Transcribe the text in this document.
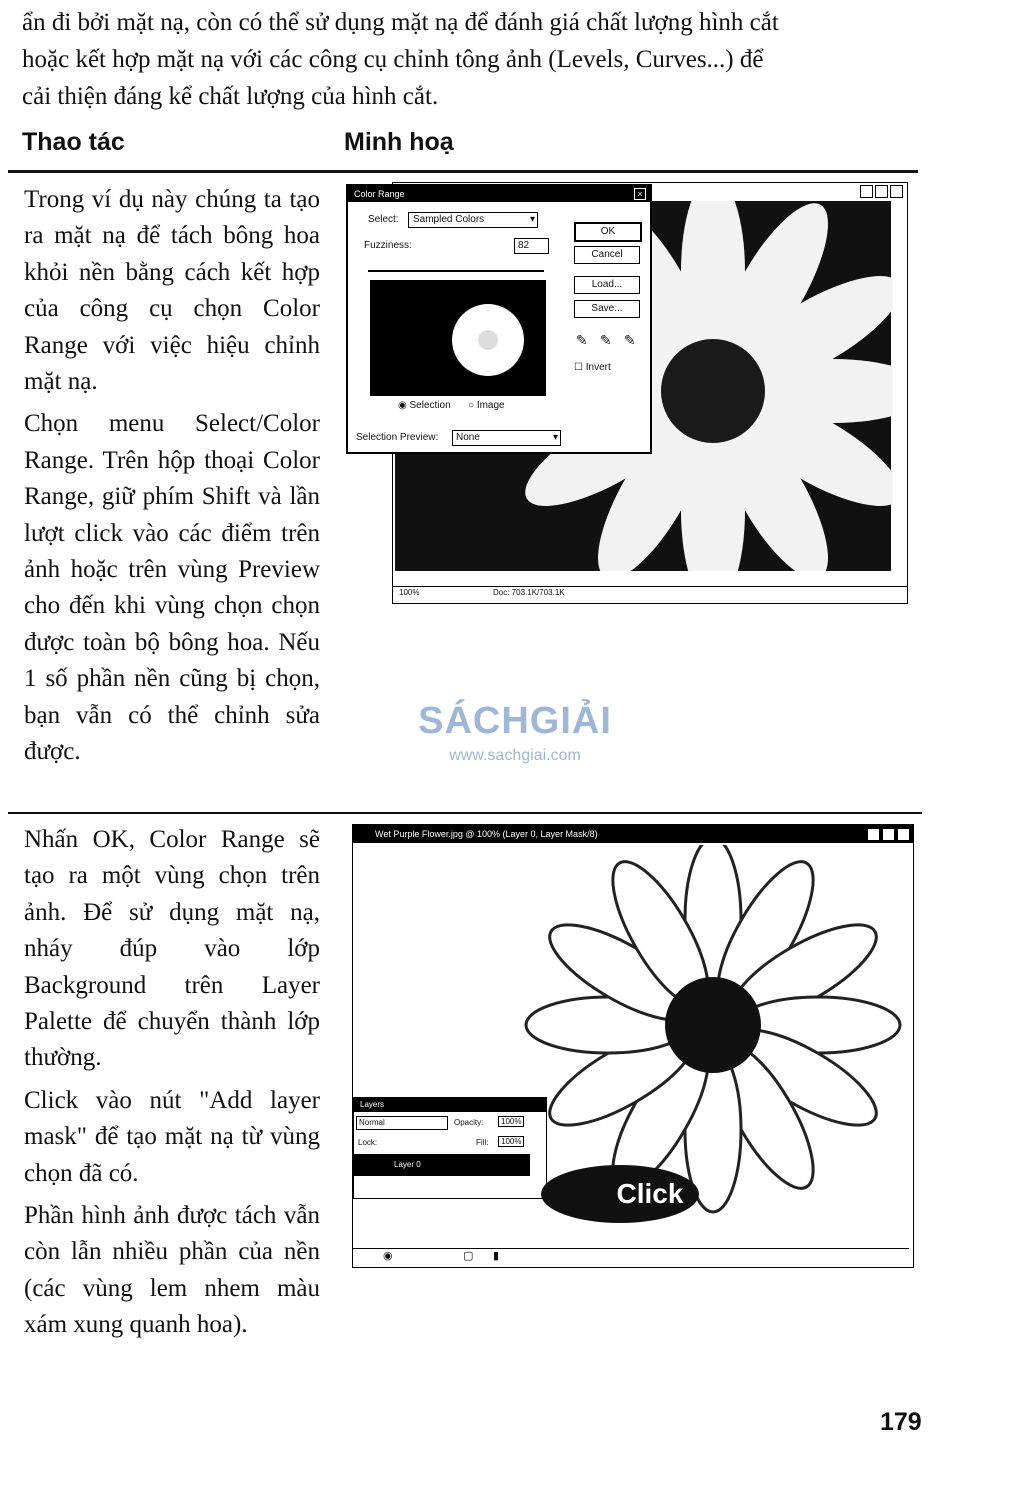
ẩn đi bởi mặt nạ, còn có thể sử dụng mặt nạ để đánh giá chất lượng hình cắt
hoặc kết hợp mặt nạ với các công cụ chỉnh tông ảnh (Levels, Curves...) để
cải thiện đáng kể chất lượng của hình cắt.
Thao tác	Minh hoạ

Trong ví dụ này chúng ta tạo ra mặt nạ để tách bông hoa khỏi nền bằng cách kết hợp của công cụ chọn Color Range với việc hiệu chỉnh mặt nạ.

Chọn menu Select/Color Range. Trên hộp thoại Color Range, giữ phím Shift và lần lượt click vào các điểm trên ảnh hoặc trên vùng Preview cho đến khi vùng chọn chọn được toàn bộ bông hoa. Nếu 1 số phần nền cũng bị chọn, bạn vẫn có thể chỉnh sửa được.

100%	Doc: 703.1K/703.1K
Color Range	×
Select:	Sampled Colors	▾
Fuzziness:	82
◉ Selection ○ Image
Selection Preview:	None	▾
OK
Cancel
Load...
Save...
✎ ✎ ✎
☐ Invert
SÁCHGIẢI
www.sachgiai.com

Nhấn OK, Color Range sẽ tạo ra một vùng chọn trên ảnh. Để sử dụng mặt nạ, nháy đúp vào lớp Background trên Layer Palette để chuyển thành lớp thường.

Click vào nút "Add layer mask" để tạo mặt nạ từ vùng chọn đã có.

Phần hình ảnh được tách vẫn còn lẫn nhiều phần của nền (các vùng lem nhem màu xám xung quanh hoa).

Wet Purple Flower.jpg @ 100% (Layer 0, Layer Mask/8)
Layers
Normal	Opacity:	100%
Lock:	Fill:	100%
Layer 0
Click
◉	▢ ▮
179
